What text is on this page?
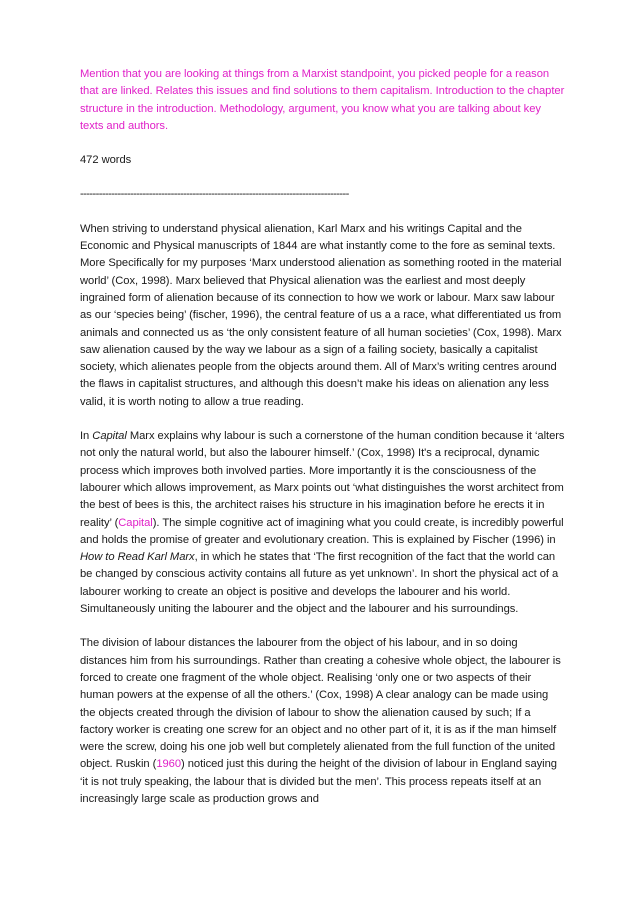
Mention that you are looking at things from a Marxist standpoint, you picked people for a reason that are linked. Relates this issues and find solutions to them capitalism. Introduction to the chapter structure in the introduction. Methodology, argument, you know what you are talking about key texts and authors.

472 words

--------------------------------------------------------------------------------------

When striving to understand physical alienation, Karl Marx and his writings Capital and the Economic and Physical manuscripts of 1844 are what instantly come to the fore as seminal texts. More Specifically for my purposes ‘Marx understood alienation as something rooted in the material world’ (Cox, 1998). Marx believed that Physical alienation was the earliest and most deeply ingrained form of alienation because of its connection to how we work or labour. Marx saw labour as our ‘species being’ (fischer, 1996), the central feature of us a a race, what differentiated us from animals and connected us as ‘the only consistent feature of all human societies’ (Cox, 1998). Marx saw alienation caused by the way we labour as a sign of a failing society, basically a capitalist society, which alienates people from the objects around them. All of Marx’s writing centres around the flaws in capitalist structures, and although this doesn’t make his ideas on alienation any less valid, it is worth noting to allow a true reading.

In Capital Marx explains why labour is such a cornerstone of the human condition because it ‘alters not only the natural world, but also the labourer himself.’ (Cox, 1998) It's a reciprocal, dynamic process which improves both involved parties. More importantly it is the consciousness of the labourer which allows improvement, as Marx points out ‘what distinguishes the worst architect from the best of bees is this, the architect raises his structure in his imagination before he erects it in reality’ (Capital). The simple cognitive act of imagining what you could create, is incredibly powerful and holds the promise of greater and evolutionary creation. This is explained by Fischer (1996) in How to Read Karl Marx, in which he states that ‘The first recognition of the fact that the world can be changed by conscious activity contains all future as yet unknown’. In short the physical act of a labourer working to create an object is positive and develops the labourer and his world. Simultaneously uniting the labourer and the object and the labourer and his surroundings.

The division of labour distances the labourer from the object of his labour, and in so doing distances him from his surroundings. Rather than creating a cohesive whole object, the labourer is forced to create one fragment of the whole object. Realising ‘only one or two aspects of their human powers at the expense of all the others.’ (Cox, 1998) A clear analogy can be made using the objects created through the division of labour to show the alienation caused by such; If a factory worker is creating one screw for an object and no other part of it, it is as if the man himself were the screw, doing his one job well but completely alienated from the full function of the united object. Ruskin (1960) noticed just this during the height of the division of labour in England saying ‘it is not truly speaking, the labour that is divided but the men’. This process repeats itself at an increasingly large scale as production grows and
